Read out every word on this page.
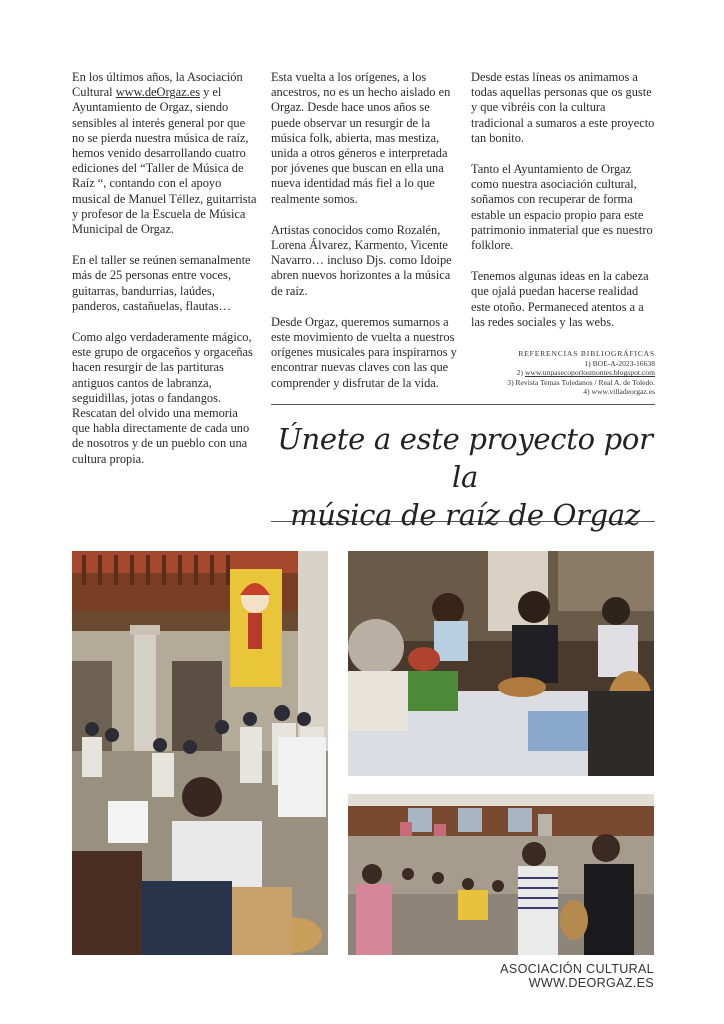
En los últimos años, la Asociación Cultural www.deOrgaz.es y el Ayuntamiento de Orgaz, siendo sensibles al interés general por que no se pierda nuestra música de raíz, hemos venido desarrollando cuatro ediciones del “Taller de Música de Raíz “, contando con el apoyo musical de Manuel Téllez, guitarrista y profesor de la Escuela de Música Municipal de Orgaz.

En el taller se reúnen semanalmente más de 25 personas entre voces, guitarras, bandurrias, laúdes, panderos, castañuelas, flautas…

Como algo verdaderamente mágico, este grupo de orgaceños y orgaceñas hacen resurgir de las partituras antiguos cantos de labranza, seguidillas, jotas o fandangos. Rescatan del olvido una memoria que habla directamente de cada uno de nosotros y de un pueblo con una cultura propia.

Esta vuelta a los orígenes, a los ancestros, no es un hecho aislado en Orgaz. Desde hace unos años se puede observar un resurgir de la música folk, abierta, mas mestiza, unida a otros géneros e interpretada por jóvenes que buscan en ella una nueva identidad más fiel a lo que realmente somos.

Artistas conocidos como Rozalén, Lorena Álvarez, Karmento, Vicente Navarro… incluso Djs. como Idoipe abren nuevos horizontes a la música de raíz.

Desde Orgaz, queremos sumarnos a este movimiento de vuelta a nuestros orígenes musicales para inspirarnos y encontrar nuevas claves con las que comprender y disfrutar de la vida.

Desde estas líneas os animamos a todas aquellas personas que os guste y que vibréis con la cultura tradicional a sumaros a este proyecto tan bonito.

Tanto el Ayuntamiento de Orgaz como nuestra asociación cultural, soñamos con recuperar de forma estable un espacio propio para este patrimonio inmaterial que es nuestro folklore.

Tenemos algunas ideas en la cabeza que ojalá puedan hacerse realidad este otoño. Permaneced atentos a a las redes sociales y las webs.

REFERENCIAS BIBLIOGRÁFICAS
1) BOE-A-2023-16638
2) www.unpasecoporlosmontes.blogspot.com
3) Revista Temas Toledanos / Real A. de Toledo.
4) www.villadeorgaz.es
Únete a este proyecto por la
música de raíz de Orgaz
ASOCIACIÓN CULTURAL WWW.DEORGAZ.ES
